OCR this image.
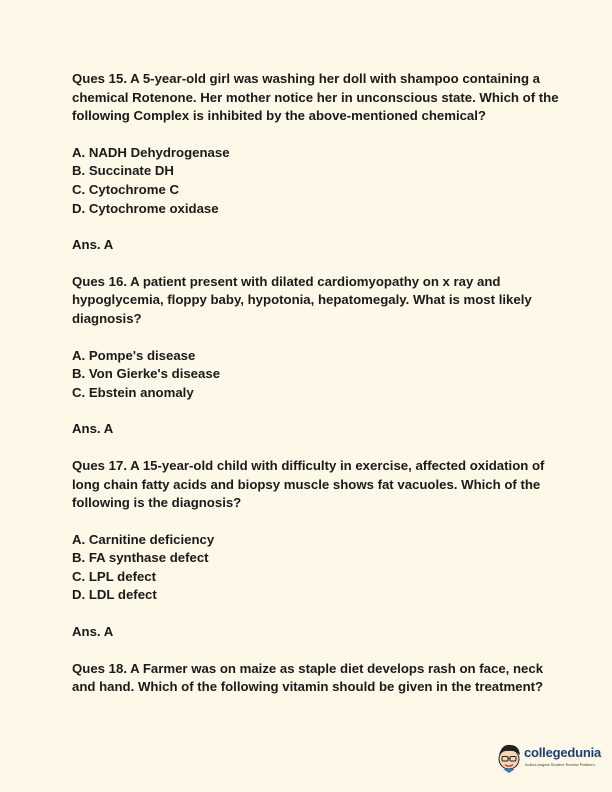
Ques 15. A 5-year-old girl was washing her doll with shampoo containing a chemical Rotenone. Her mother notice her in unconscious state. Which of the following Complex is inhibited by the above-mentioned chemical?

A. NADH Dehydrogenase

B. Succinate DH

C. Cytochrome C

D. Cytochrome oxidase

Ans. A

Ques 16. A patient present with dilated cardiomyopathy on x ray and hypoglycemia, floppy baby, hypotonia, hepatomegaly. What is most likely diagnosis?

A. Pompe's disease

B. Von Gierke's disease

C. Ebstein anomaly

Ans. A

Ques 17. A 15-year-old child with difficulty in exercise, affected oxidation of long chain fatty acids and biopsy muscle shows fat vacuoles. Which of the following is the diagnosis?

A. Carnitine deficiency

B. FA synthase defect

C. LPL defect

D. LDL defect

Ans. A

Ques 18. A Farmer was on maize as staple diet develops rash on face, neck and hand. Which of the following vitamin should be given in the treatment?

collegedunia
India's largest Student Review Platform
